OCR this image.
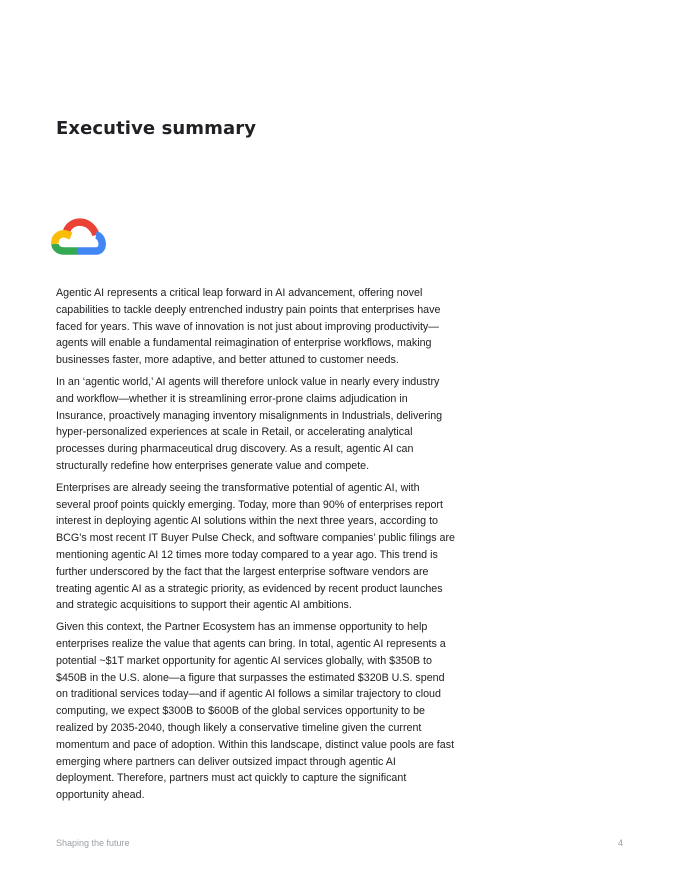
Executive summary

Agentic AI represents a critical leap forward in AI advancement, offering novel capabilities to tackle deeply entrenched industry pain points that enterprises have faced for years. This wave of innovation is not just about improving productivity—agents will enable a fundamental reimagination of enterprise workflows, making businesses faster, more adaptive, and better attuned to customer needs.

In an ‘agentic world,’ AI agents will therefore unlock value in nearly every industry and workflow—whether it is streamlining error-prone claims adjudication in Insurance, proactively managing inventory misalignments in Industrials, delivering hyper-personalized experiences at scale in Retail, or accelerating analytical processes during pharmaceutical drug discovery. As a result, agentic AI can structurally redefine how enterprises generate value and compete.

Enterprises are already seeing the transformative potential of agentic AI, with several proof points quickly emerging. Today, more than 90% of enterprises report interest in deploying agentic AI solutions within the next three years, according to BCG’s most recent IT Buyer Pulse Check, and software companies’ public filings are mentioning agentic AI 12 times more today compared to a year ago. This trend is further underscored by the fact that the largest enterprise software vendors are treating agentic AI as a strategic priority, as evidenced by recent product launches and strategic acquisitions to support their agentic AI ambitions.

Given this context, the Partner Ecosystem has an immense opportunity to help enterprises realize the value that agents can bring. In total, agentic AI represents a potential ~$1T market opportunity for agentic AI services globally, with $350B to $450B in the U.S. alone—a figure that surpasses the estimated $320B U.S. spend on traditional services today—and if agentic AI follows a similar trajectory to cloud computing, we expect $300B to $600B of the global services opportunity to be realized by 2035-2040, though likely a conservative timeline given the current momentum and pace of adoption. Within this landscape, distinct value pools are fast emerging where partners can deliver outsized impact through agentic AI deployment. Therefore, partners must act quickly to capture the significant opportunity ahead.

Shaping the future	4
